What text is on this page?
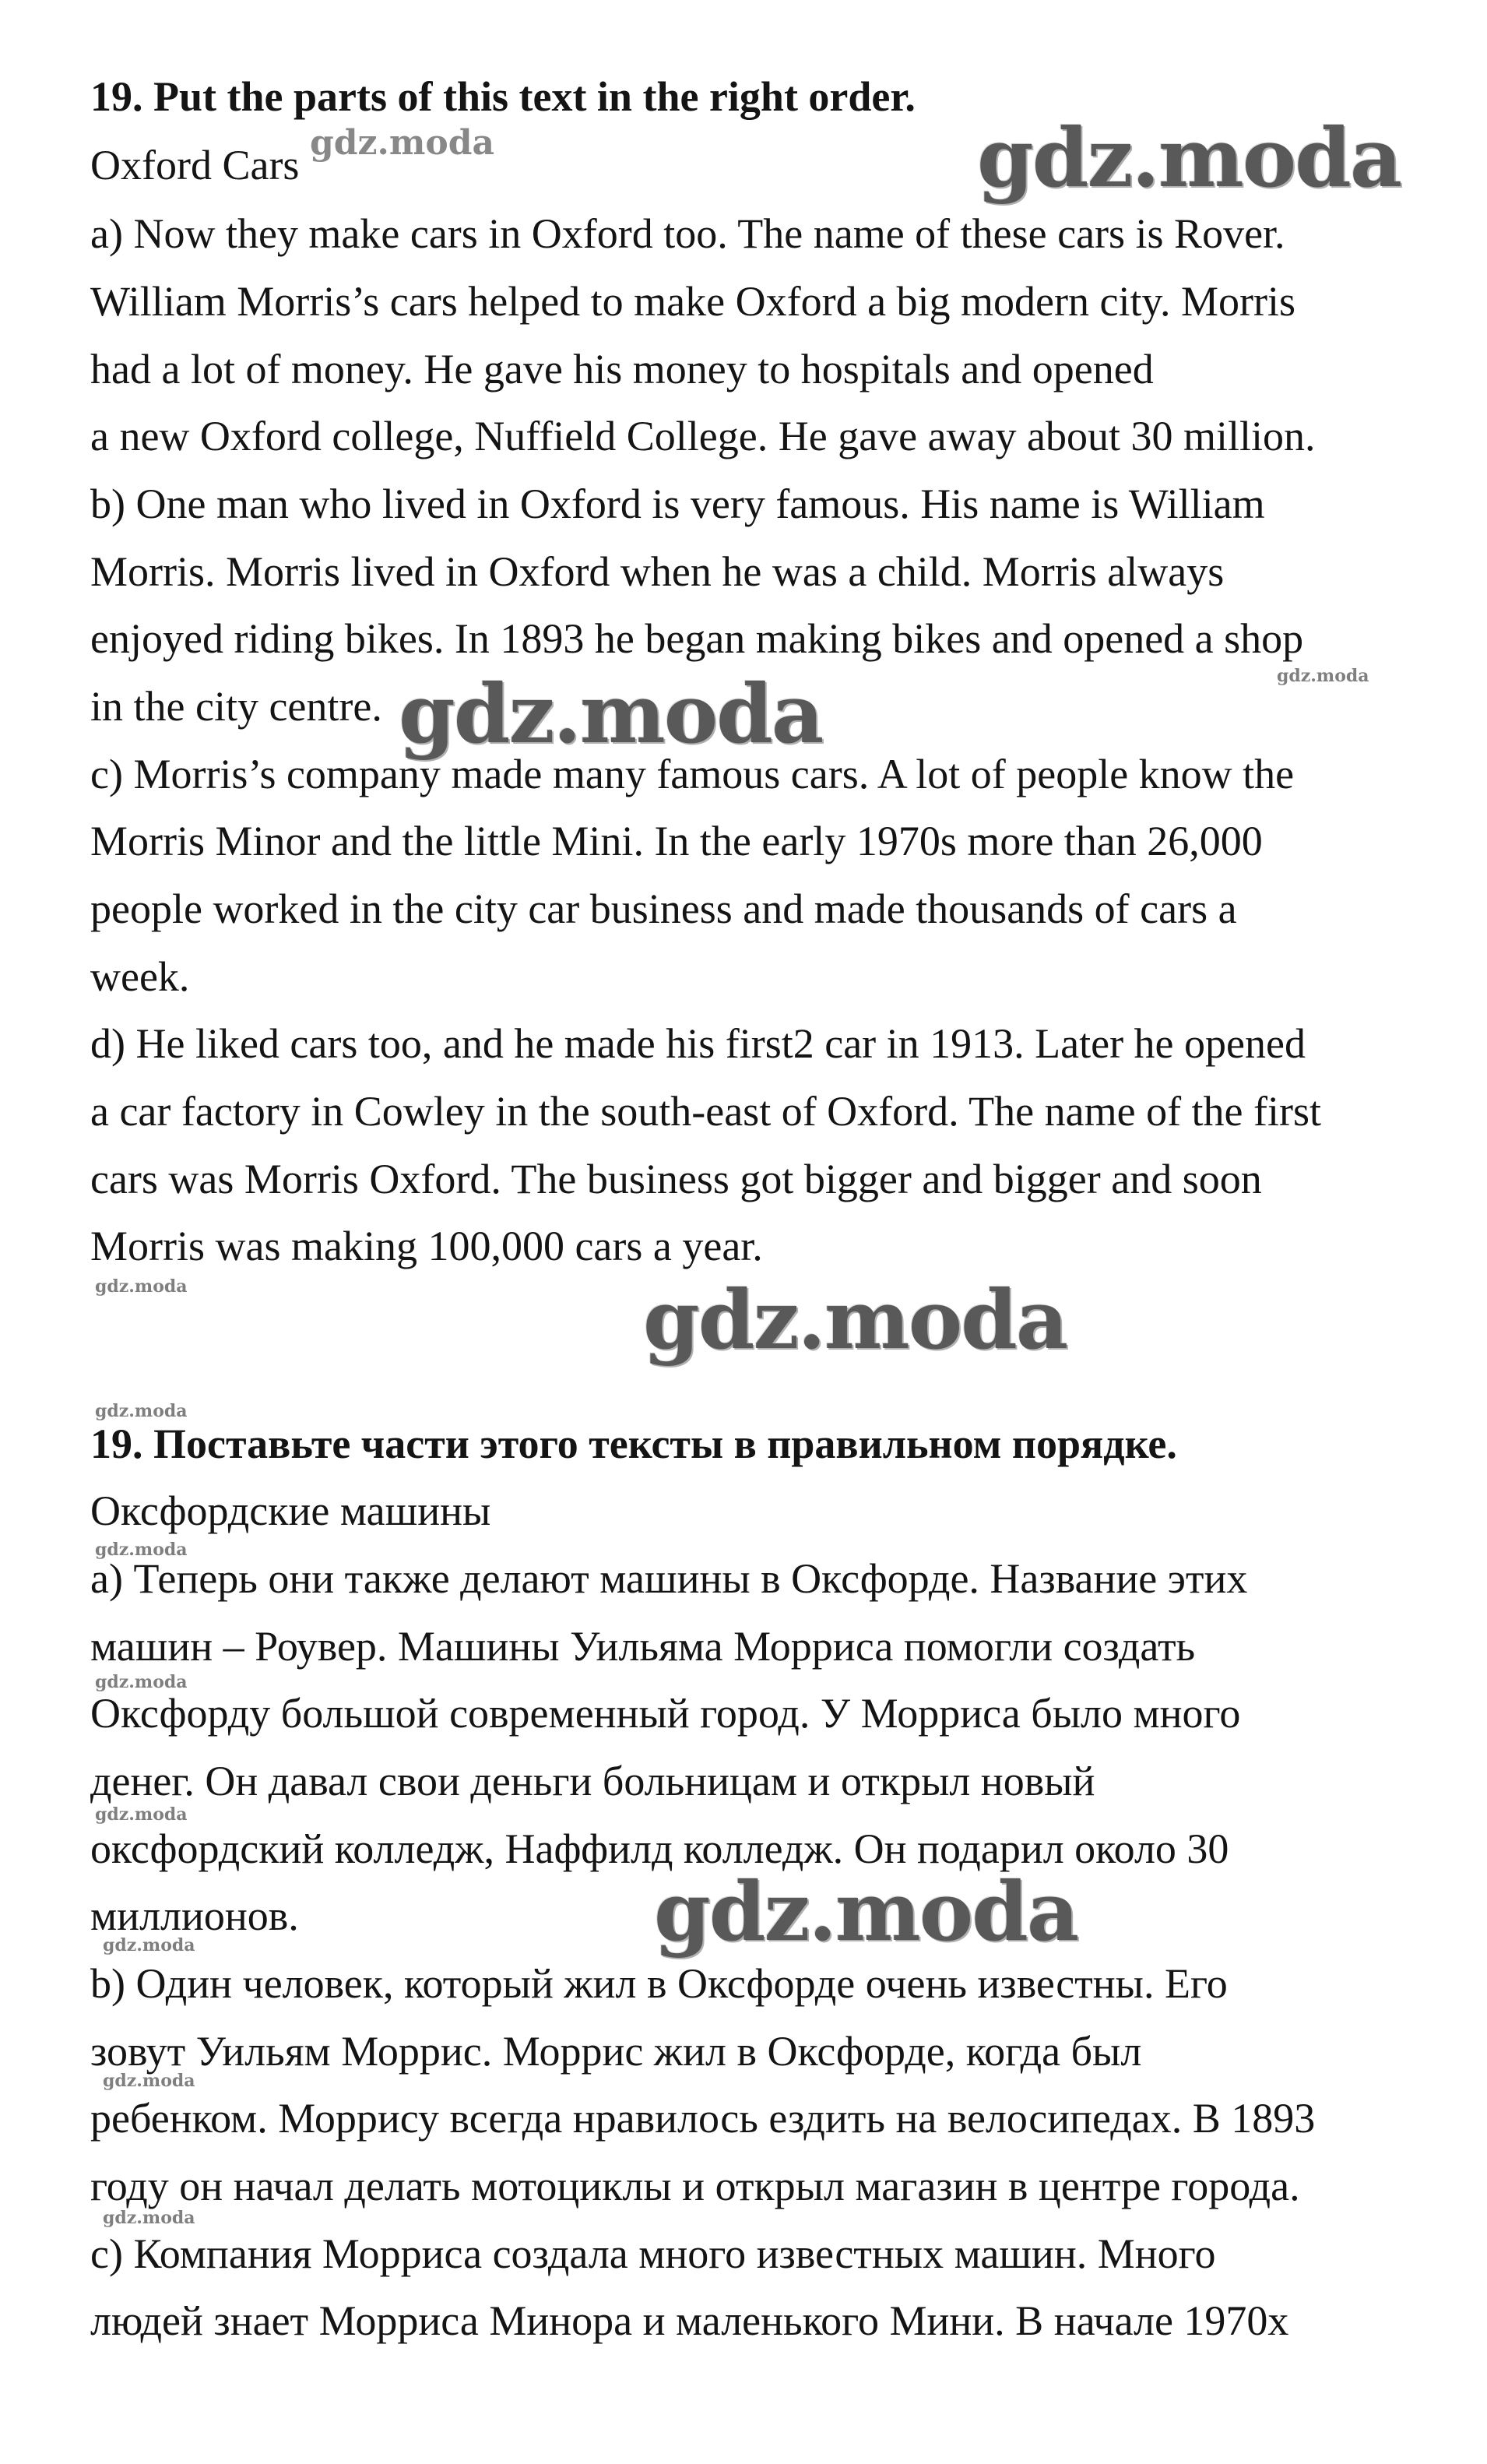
19. Put the parts of this text in the right order.
Oxford Cars
a) Now they make cars in Oxford too. The name of these cars is Rover.
William Morris’s cars helped to make Oxford a big modern city. Morris
had a lot of money. He gave his money to hospitals and opened
a new Oxford college, Nuffield College. He gave away about 30 million.
b) One man who lived in Oxford is very famous. His name is William
Morris. Morris lived in Oxford when he was a child. Morris always
enjoyed riding bikes. In 1893 he began making bikes and opened a shop
in the city centre.
c) Morris’s company made many famous cars. A lot of people know the
Morris Minor and the little Mini. In the early 1970s more than 26,000
people worked in the city car business and made thousands of cars a
week.
d) He liked cars too, and he made his first2 car in 1913. Later he opened
a car factory in Cowley in the south-east of Oxford. The name of the first
cars was Morris Oxford. The business got bigger and bigger and soon
Morris was making 100,000 cars a year.
19. Поставьте части этого тексты в правильном порядке.
Оксфордские машины
a) Теперь они также делают машины в Оксфорде. Название этих
машин – Роувер. Машины Уильяма Морриса помогли создать
Оксфорду большой современный город. У Морриса было много
денег. Он давал свои деньги больницам и открыл новый
оксфордский колледж, Наффилд колледж. Он подарил около 30
миллионов.
b) Один человек, который жил в Оксфорде очень известны. Его
зовут Уильям Моррис. Моррис жил в Оксфорде, когда был
ребенком. Моррису всегда нравилось ездить на велосипедах. В 1893
году он начал делать мотоциклы и открыл магазин в центре города.
c) Компания Морриса создала много известных машин. Много
людей знает Морриса Минора и маленького Мини. В начале 1970х
gdz.moda
gdz.moda
gdz.moda	gdz.moda
gdz.moda	gdz.moda
gdz.moda
gdz.moda
gdz.moda
gdz.moda
gdz.moda
gdz.moda
gdz.moda
gdz.moda
